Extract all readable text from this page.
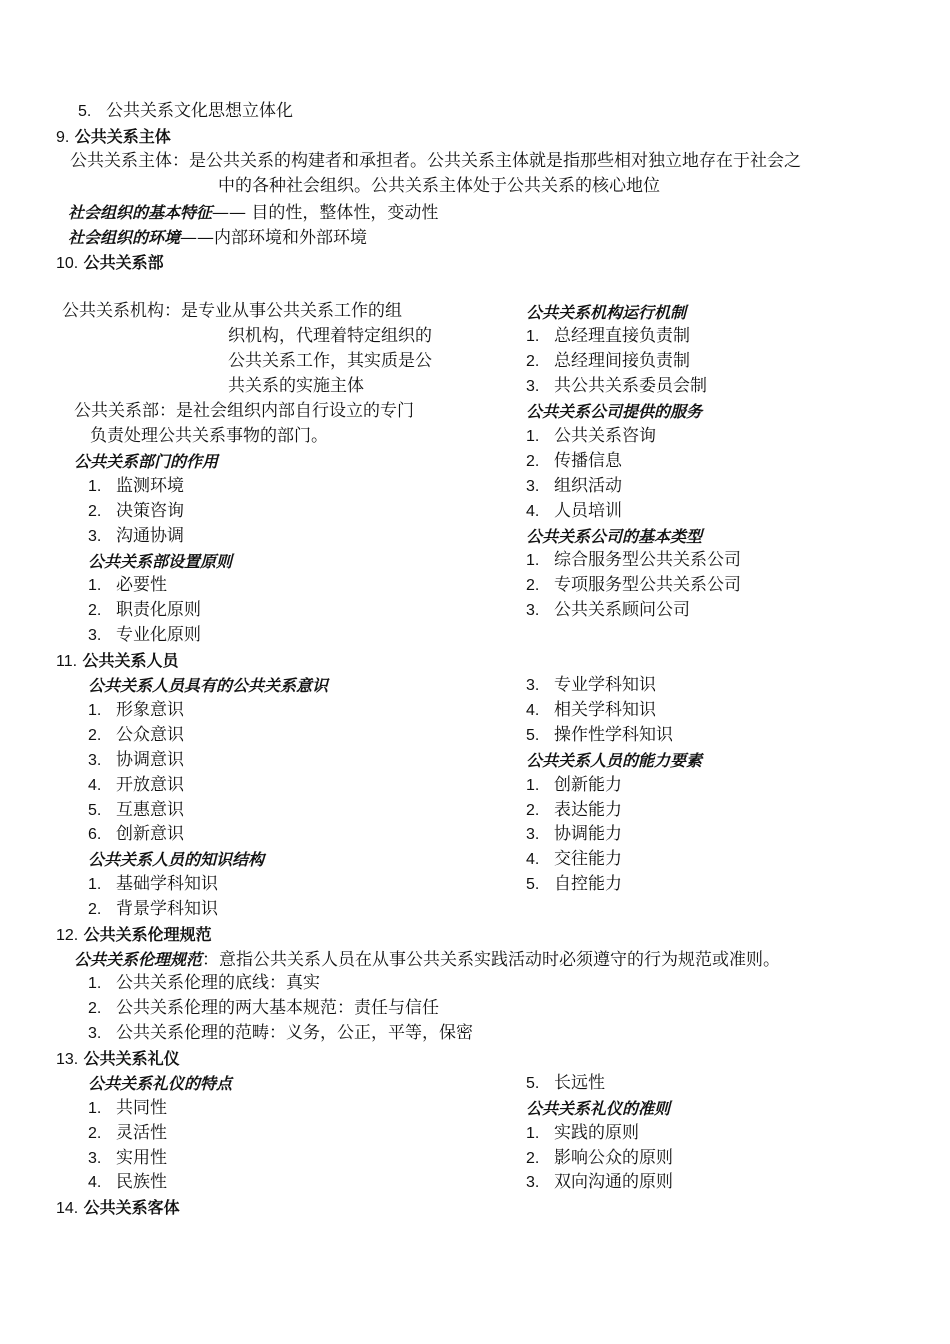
5. 公共关系文化思想立体化
9. 公共关系主体
公共关系主体：是公共关系的构建者和承担者。公共关系主体就是指那些相对独立地存在于社会之
中的各种社会组织。公共关系主体处于公共关系的核心地位
社会组织的基本特征—— 目的性，整体性，变动性
社会组织的环境——内部环境和外部环境
10. 公共关系部
公共关系机构：是专业从事公共关系工作的组
织机构，代理着特定组织的
公共关系工作，其实质是公
共关系的实施主体
公共关系部：是社会组织内部自行设立的专门
负责处理公共关系事物的部门。
公共关系部门的作用
1. 监测环境
2. 决策咨询
3. 沟通协调
公共关系部设置原则
1. 必要性
2. 职责化原则
3. 专业化原则
公共关系机构运行机制
1. 总经理直接负责制
2. 总经理间接负责制
3. 共公共关系委员会制
公共关系公司提供的服务
1. 公共关系咨询
2. 传播信息
3. 组织活动
4. 人员培训
公共关系公司的基本类型
1. 综合服务型公共关系公司
2. 专项服务型公共关系公司
3. 公共关系顾问公司
11. 公共关系人员
公共关系人员具有的公共关系意识
1. 形象意识
2. 公众意识
3. 协调意识
4. 开放意识
5. 互惠意识
6. 创新意识
公共关系人员的知识结构
1. 基础学科知识
2. 背景学科知识
3. 专业学科知识
4. 相关学科知识
5. 操作性学科知识
公共关系人员的能力要素
1. 创新能力
2. 表达能力
3. 协调能力
4. 交往能力
5. 自控能力
12. 公共关系伦理规范
公共关系伦理规范：意指公共关系人员在从事公共关系实践活动时必须遵守的行为规范或准则。
1. 公共关系伦理的底线：真实
2. 公共关系伦理的两大基本规范：责任与信任
3. 公共关系伦理的范畴：义务，公正，平等，保密
13. 公共关系礼仪
公共关系礼仪的特点
1. 共同性
2. 灵活性
3. 实用性
4. 民族性
5. 长远性
公共关系礼仪的准则
1. 实践的原则
2. 影响公众的原则
3. 双向沟通的原则
14. 公共关系客体
